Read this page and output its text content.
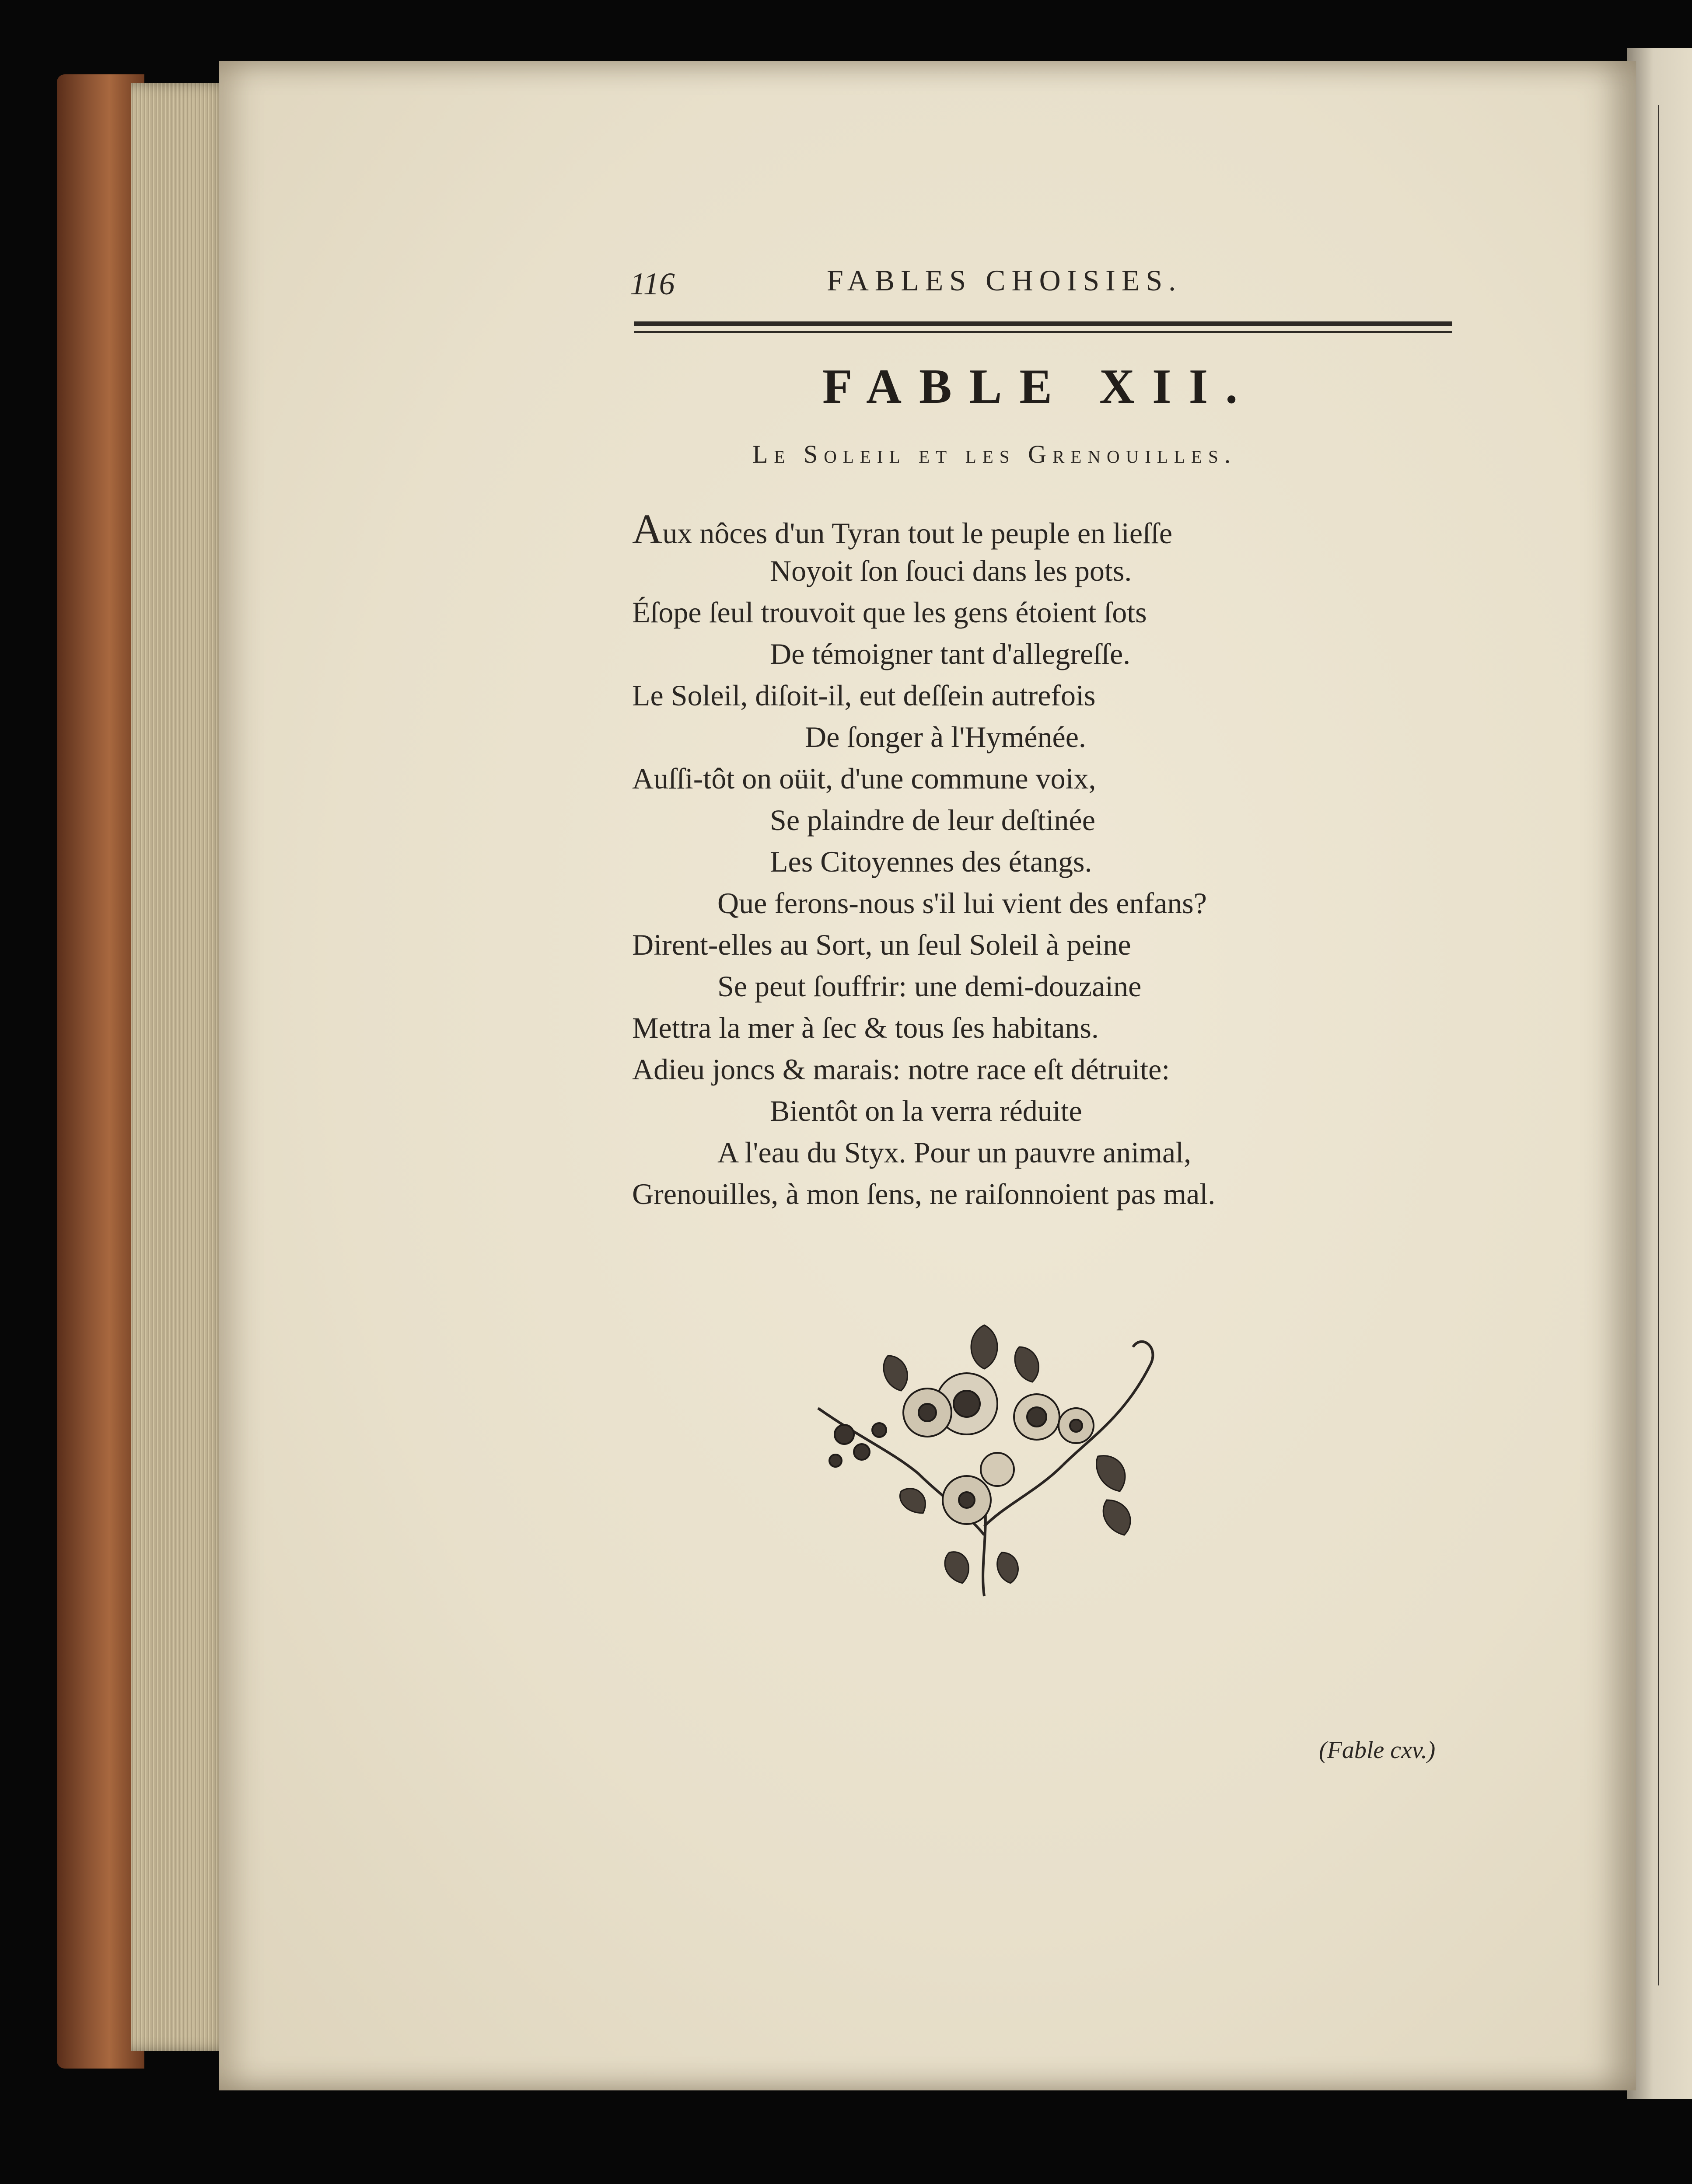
116	FABLES CHOISIES.
FABLE XII.
Le Soleil et les Grenouilles.
Aux nôces d'un Tyran tout le peuple en lieſſe
Noyoit ſon ſouci dans les pots.
Éſope ſeul trouvoit que les gens étoient ſots
De témoigner tant d'allegreſſe.
Le Soleil, diſoit-il, eut deſſein autrefois
De ſonger à l'Hyménée.
Auſſi-tôt on oüit, d'une commune voix,
Se plaindre de leur deſtinée
Les Citoyennes des étangs.
Que ferons-nous s'il lui vient des enfans?
Dirent-elles au Sort, un ſeul Soleil à peine
Se peut ſouffrir: une demi-douzaine
Mettra la mer à ſec & tous ſes habitans.
Adieu joncs & marais: notre race eſt détruite:
Bientôt on la verra réduite
A l'eau du Styx. Pour un pauvre animal,
Grenouilles, à mon ſens, ne raiſonnoient pas mal.
(Fable cxv.)
